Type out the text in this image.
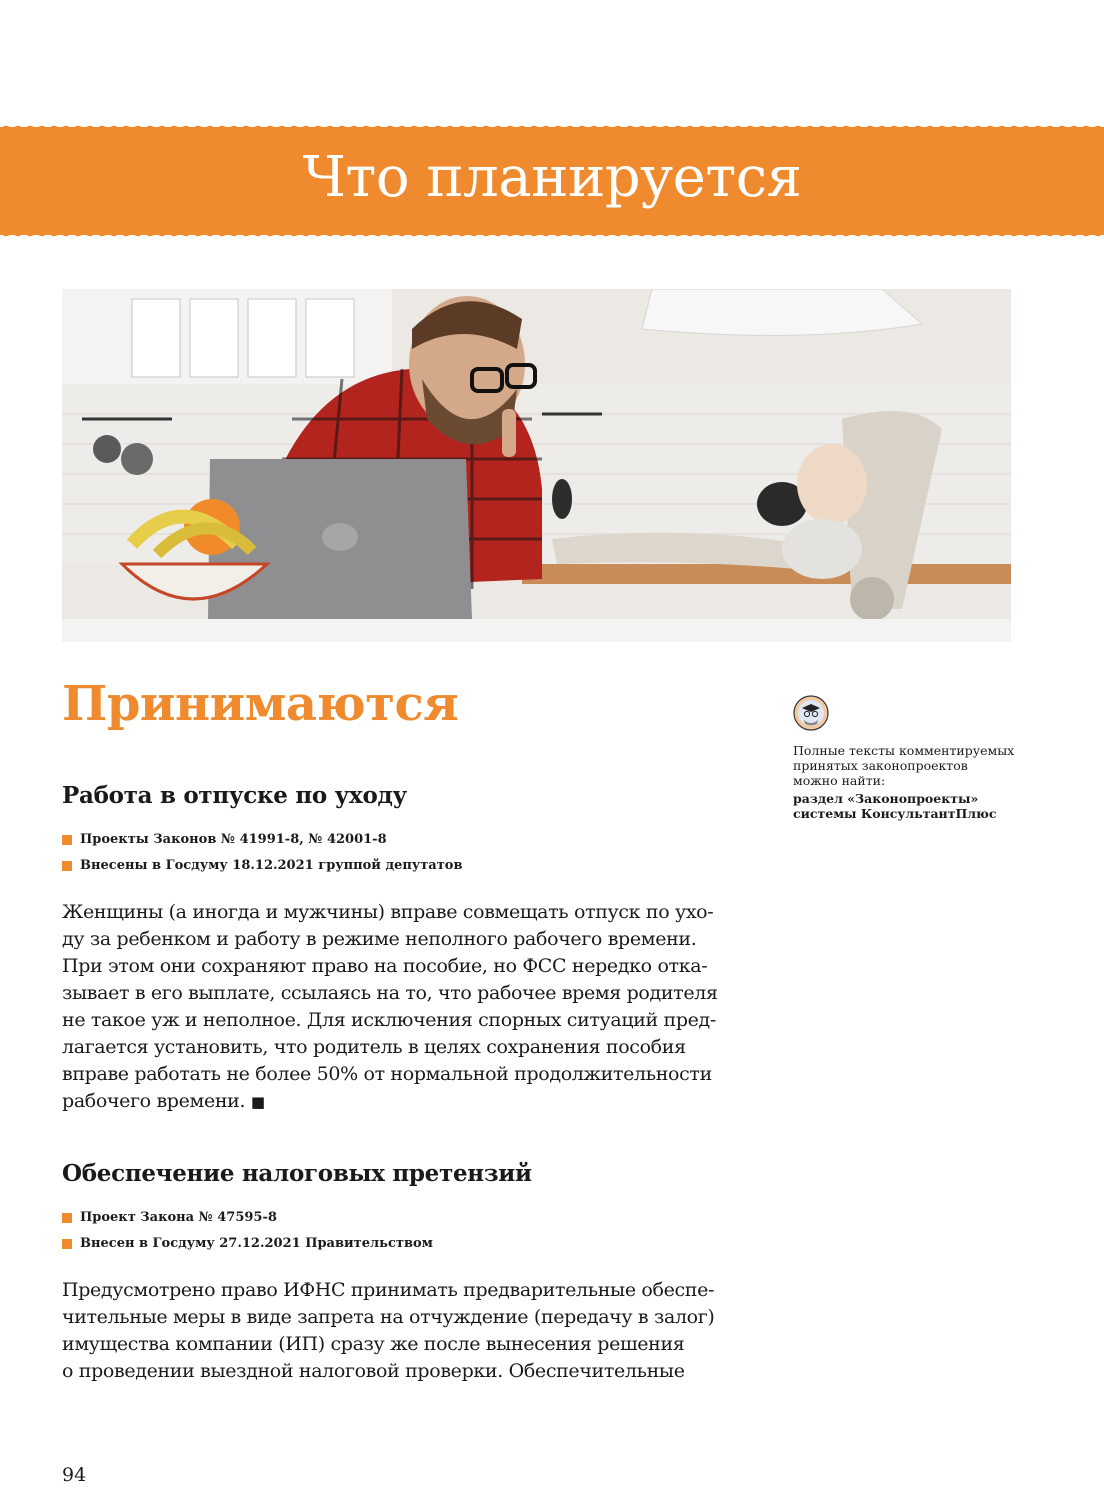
Что планируется
Принимаются
Работа в отпуске по уходу
Проекты Законов № 41991-8, № 42001-8
Внесены в Госдуму 18.12.2021 группой депутатов

Женщины (а иногда и мужчины) вправе совмещать отпуск по ухо-
ду за ребенком и работу в режиме неполного рабочего времени.
При этом они сохраняют право на пособие, но ФСС нередко отка-
зывает в его выплате, ссылаясь на то, что рабочее время родителя
не такое уж и неполное. Для исключения спорных ситуаций пред-
лагается установить, что родитель в целях сохранения пособия
вправе работать не более 50% от нормальной продолжительности
рабочего времени. ■

Обеспечение налоговых претензий
Проект Закона № 47595-8
Внесен в Госдуму 27.12.2021 Правительством

Предусмотрено право ИФНС принимать предварительные обеспе-
чительные меры в виде запрета на отчуждение (передачу в залог)
имущества компании (ИП) сразу же после вынесения решения
о проведении выездной налоговой проверки. Обеспечительные

Полные тексты комментируемых
принятых законопроектов
можно найти:

раздел «Законопроекты»
системы КонсультантПлюс

94
